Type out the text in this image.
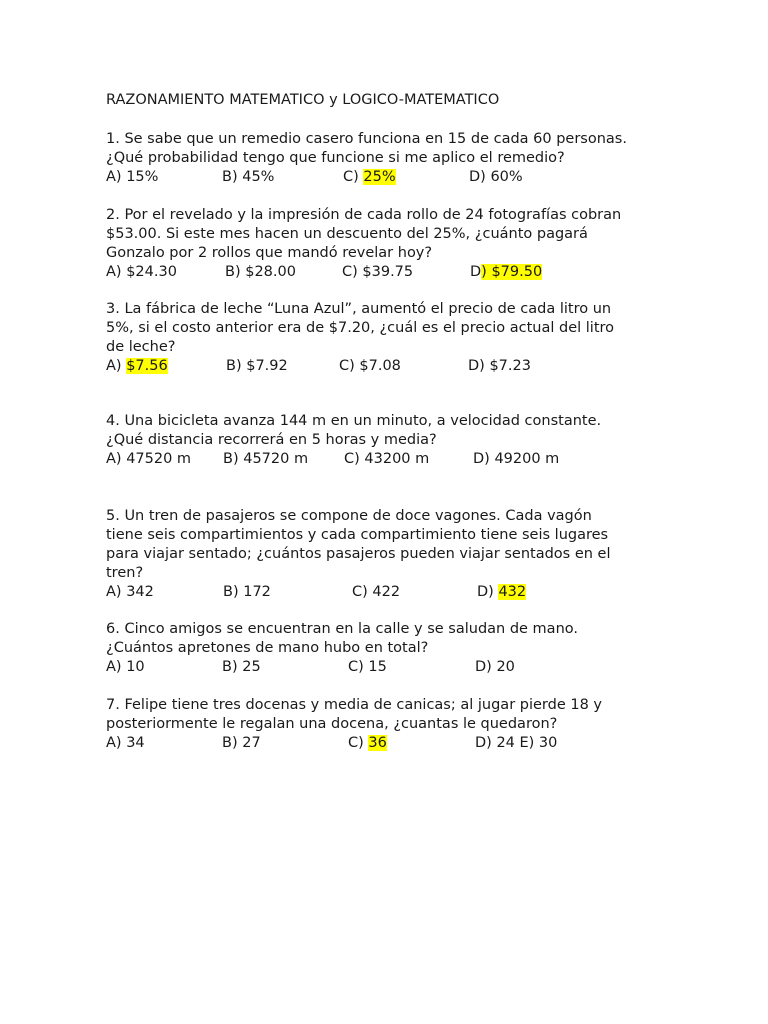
RAZONAMIENTO MATEMATICO y LOGICO-MATEMATICO
1. Se sabe que un remedio casero funciona en 15 de cada 60 personas.
¿Qué probabilidad tengo que funcione si me aplico el remedio?
A) 15%	B) 45%	C) 25%	D) 60%
2. Por el revelado y la impresión de cada rollo de 24 fotografías cobran
$53.00. Si este mes hacen un descuento del 25%, ¿cuánto pagará
Gonzalo por 2 rollos que mandó revelar hoy?
A) $24.30	B) $28.00	C) $39.75	D) $79.50
3. La fábrica de leche “Luna Azul”, aumentó el precio de cada litro un
5%, si el costo anterior era de $7.20, ¿cuál es el precio actual del litro
de leche?
A) $7.56	B) $7.92	C) $7.08	D) $7.23
4. Una bicicleta avanza 144 m en un minuto, a velocidad constante.
¿Qué distancia recorrerá en 5 horas y media?
A) 47520 m B) 45720 m C) 43200 m	D) 49200 m
5. Un tren de pasajeros se compone de doce vagones. Cada vagón
tiene seis compartimientos y cada compartimiento tiene seis lugares
para viajar sentado; ¿cuántos pasajeros pueden viajar sentados en el
tren?
A) 342	B) 172	C) 422	D) 432
6. Cinco amigos se encuentran en la calle y se saludan de mano.
¿Cuántos apretones de mano hubo en total?
A) 10	B) 25	C) 15	D) 20
7. Felipe tiene tres docenas y media de canicas; al jugar pierde 18 y
posteriormente le regalan una docena, ¿cuantas le quedaron?
A) 34	B) 27	C) 36	D) 24 E) 30
